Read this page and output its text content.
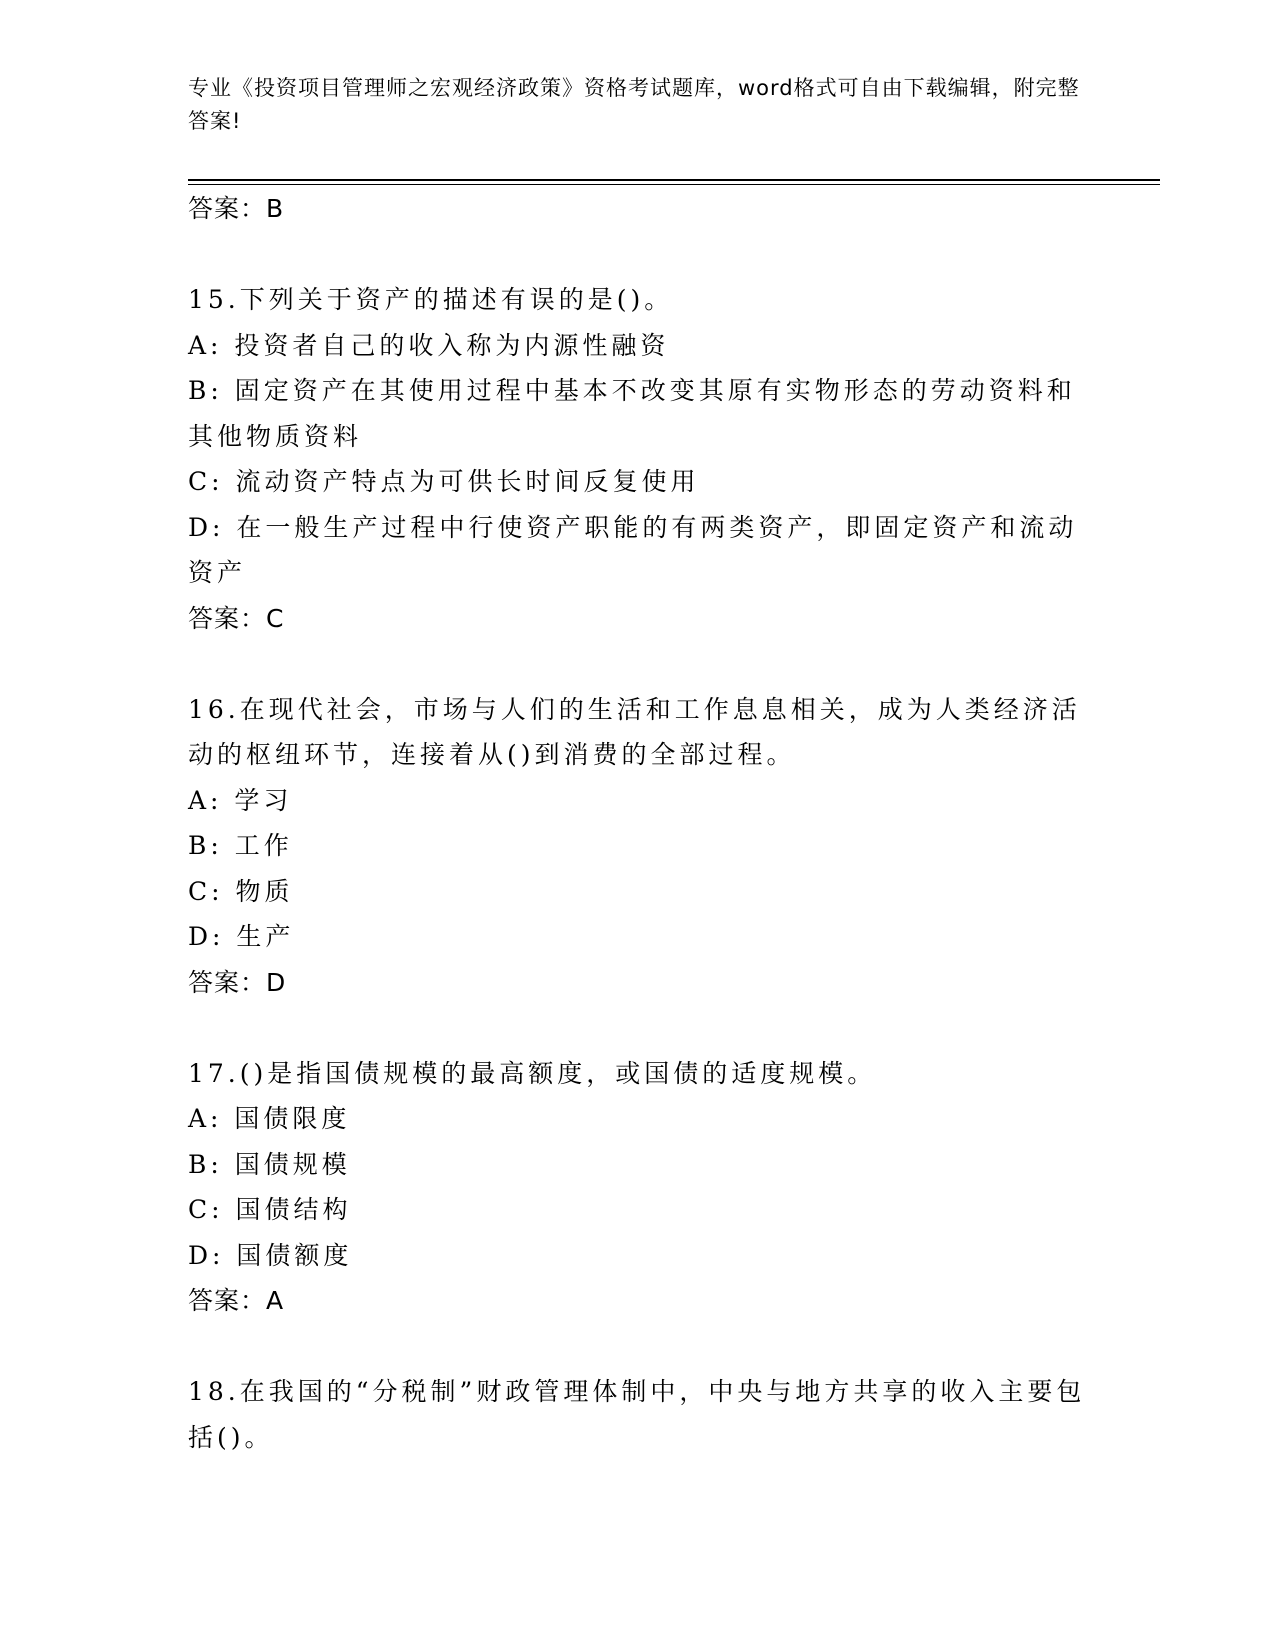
专业《投资项目管理师之宏观经济政策》资格考试题库，word格式可自由下载编辑，附完整答案!
答案：B
15.下列关于资产的描述有误的是()。
A: 投资者自己的收入称为内源性融资
B: 固定资产在其使用过程中基本不改变其原有实物形态的劳动资料和其他物质资料
C: 流动资产特点为可供长时间反复使用
D: 在一般生产过程中行使资产职能的有两类资产，即固定资产和流动资产
答案：C
16.在现代社会，市场与人们的生活和工作息息相关，成为人类经济活动的枢纽环节，连接着从()到消费的全部过程。
A: 学习
B: 工作
C: 物质
D: 生产
答案：D
17.()是指国债规模的最高额度，或国债的适度规模。
A: 国债限度
B: 国债规模
C: 国债结构
D: 国债额度
答案：A
18.在我国的“分税制”财政管理体制中，中央与地方共享的收入主要包括()。
